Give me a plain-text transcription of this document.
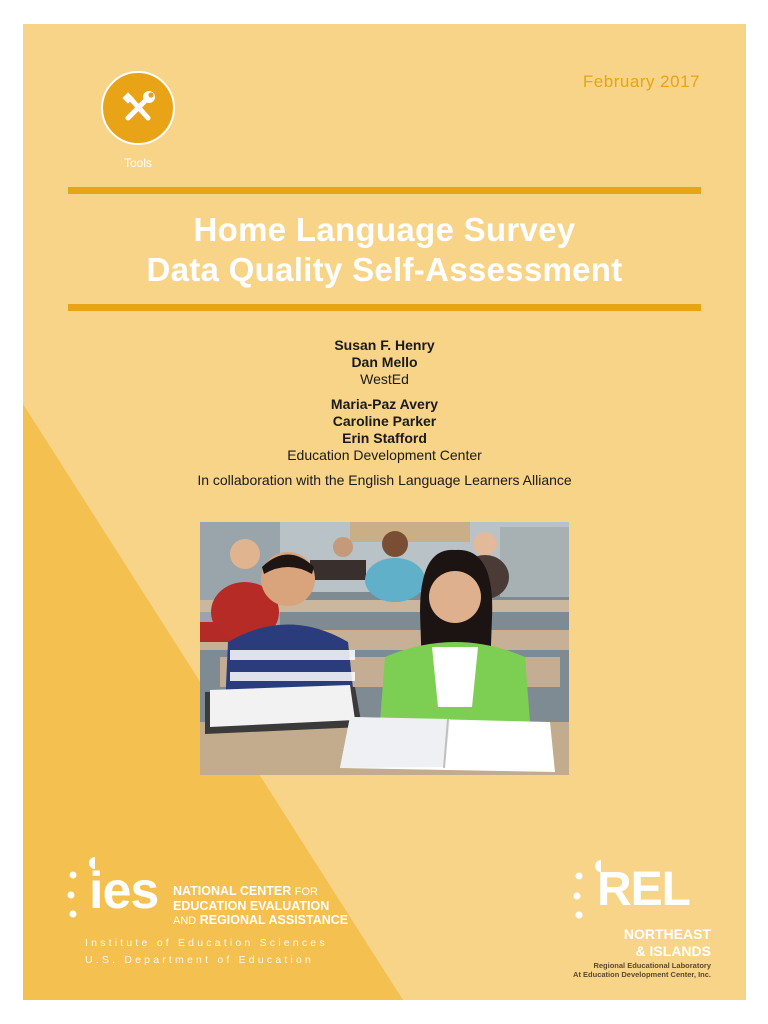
February 2017
Tools
Home Language Survey
Data Quality Self-Assessment
Susan F. Henry
Dan Mello
WestEd
Maria-Paz Avery
Caroline Parker
Erin Stafford
Education Development Center
In collaboration with the English Language Learners Alliance
ies NATIONAL CENTER FOR
EDUCATION EVALUATION
AND REGIONAL ASSISTANCE
Institute of Education Sciences
U.S. Department of Education
REL
NORTHEAST
& ISLANDS
Regional Educational Laboratory
At Education Development Center, Inc.
